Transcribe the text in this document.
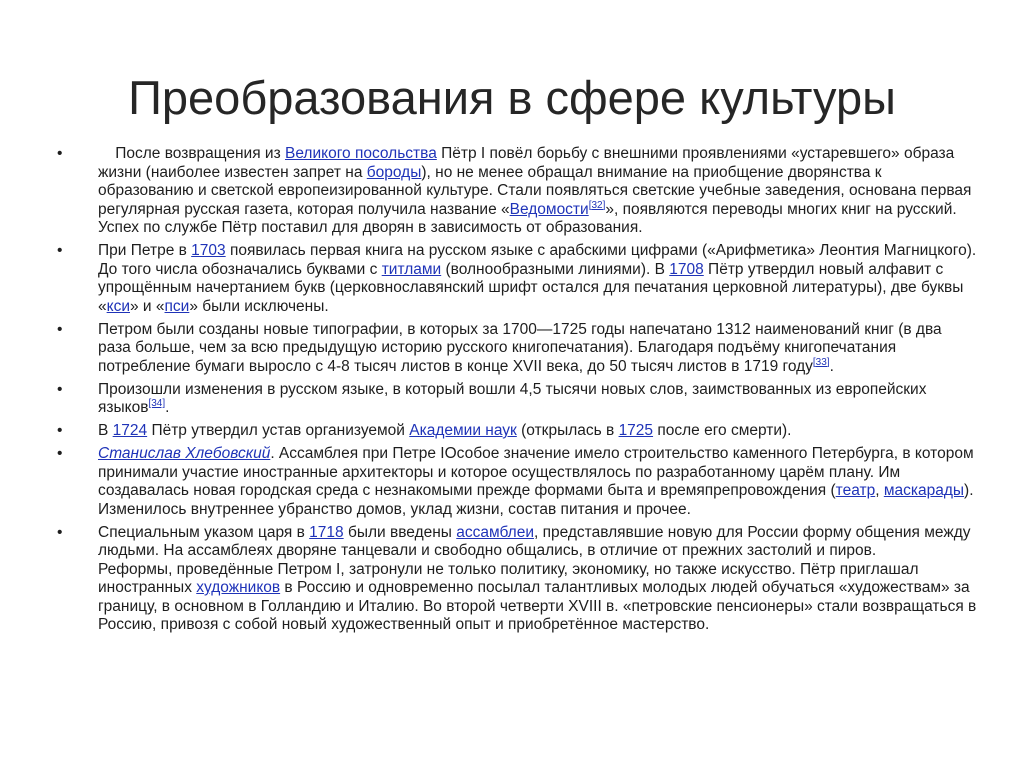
Преобразования в сфере культуры
• После возвращения из Великого посольства Пётр I повёл борьбу с внешними проявлениями «устаревшего» образа жизни (наиболее известен запрет на бороды), но не менее обращал внимание на приобщение дворянства к образованию и светской европеизированной культуре. Стали появляться светские учебные заведения, основана первая регулярная русская газета, которая получила название «Ведомости[32]», появляются переводы многих книг на русский. Успех по службе Пётр поставил для дворян в зависимость от образования.
• При Петре в 1703 появилась первая книга на русском языке с арабскими цифрами («Арифметика» Леонтия Магницкого). До того числа обозначались буквами с титлами (волнообразными линиями). В 1708 Пётр утвердил новый алфавит с упрощённым начертанием букв (церковнославянский шрифт остался для печатания церковной литературы), две буквы «кси» и «пси» были исключены.
• Петром были созданы новые типографии, в которых за 1700—1725 годы напечатано 1312 наименований книг (в два раза больше, чем за всю предыдущую историю русского книгопечатания). Благодаря подъёму книгопечатания потребление бумаги выросло с 4-8 тысяч листов в конце XVII века, до 50 тысяч листов в 1719 году[33].
• Произошли изменения в русском языке, в который вошли 4,5 тысячи новых слов, заимствованных из европейских языков[34].
• В 1724 Пётр утвердил устав организуемой Академии наук (открылась в 1725 после его смерти).
• Станислав Хлебовский. Ассамблея при Петре IОсобое значение имело строительство каменного Петербурга, в котором принимали участие иностранные архитекторы и которое осуществлялось по разработанному царём плану. Им создавалась новая городская среда с незнакомыми прежде формами быта и времяпрепровождения (театр, маскарады). Изменилось внутреннее убранство домов, уклад жизни, состав питания и прочее.
• Специальным указом царя в 1718 были введены ассамблеи, представлявшие новую для России форму общения между людьми. На ассамблеях дворяне танцевали и свободно общались, в отличие от прежних застолий и пиров.
Реформы, проведённые Петром I, затронули не только политику, экономику, но также искусство. Пётр приглашал иностранных художников в Россию и одновременно посылал талантливых молодых людей обучаться «художествам» за границу, в основном в Голландию и Италию. Во второй четверти XVIII в. «петровские пенсионеры» стали возвращаться в Россию, привозя с собой новый художественный опыт и приобретённое мастерство.
